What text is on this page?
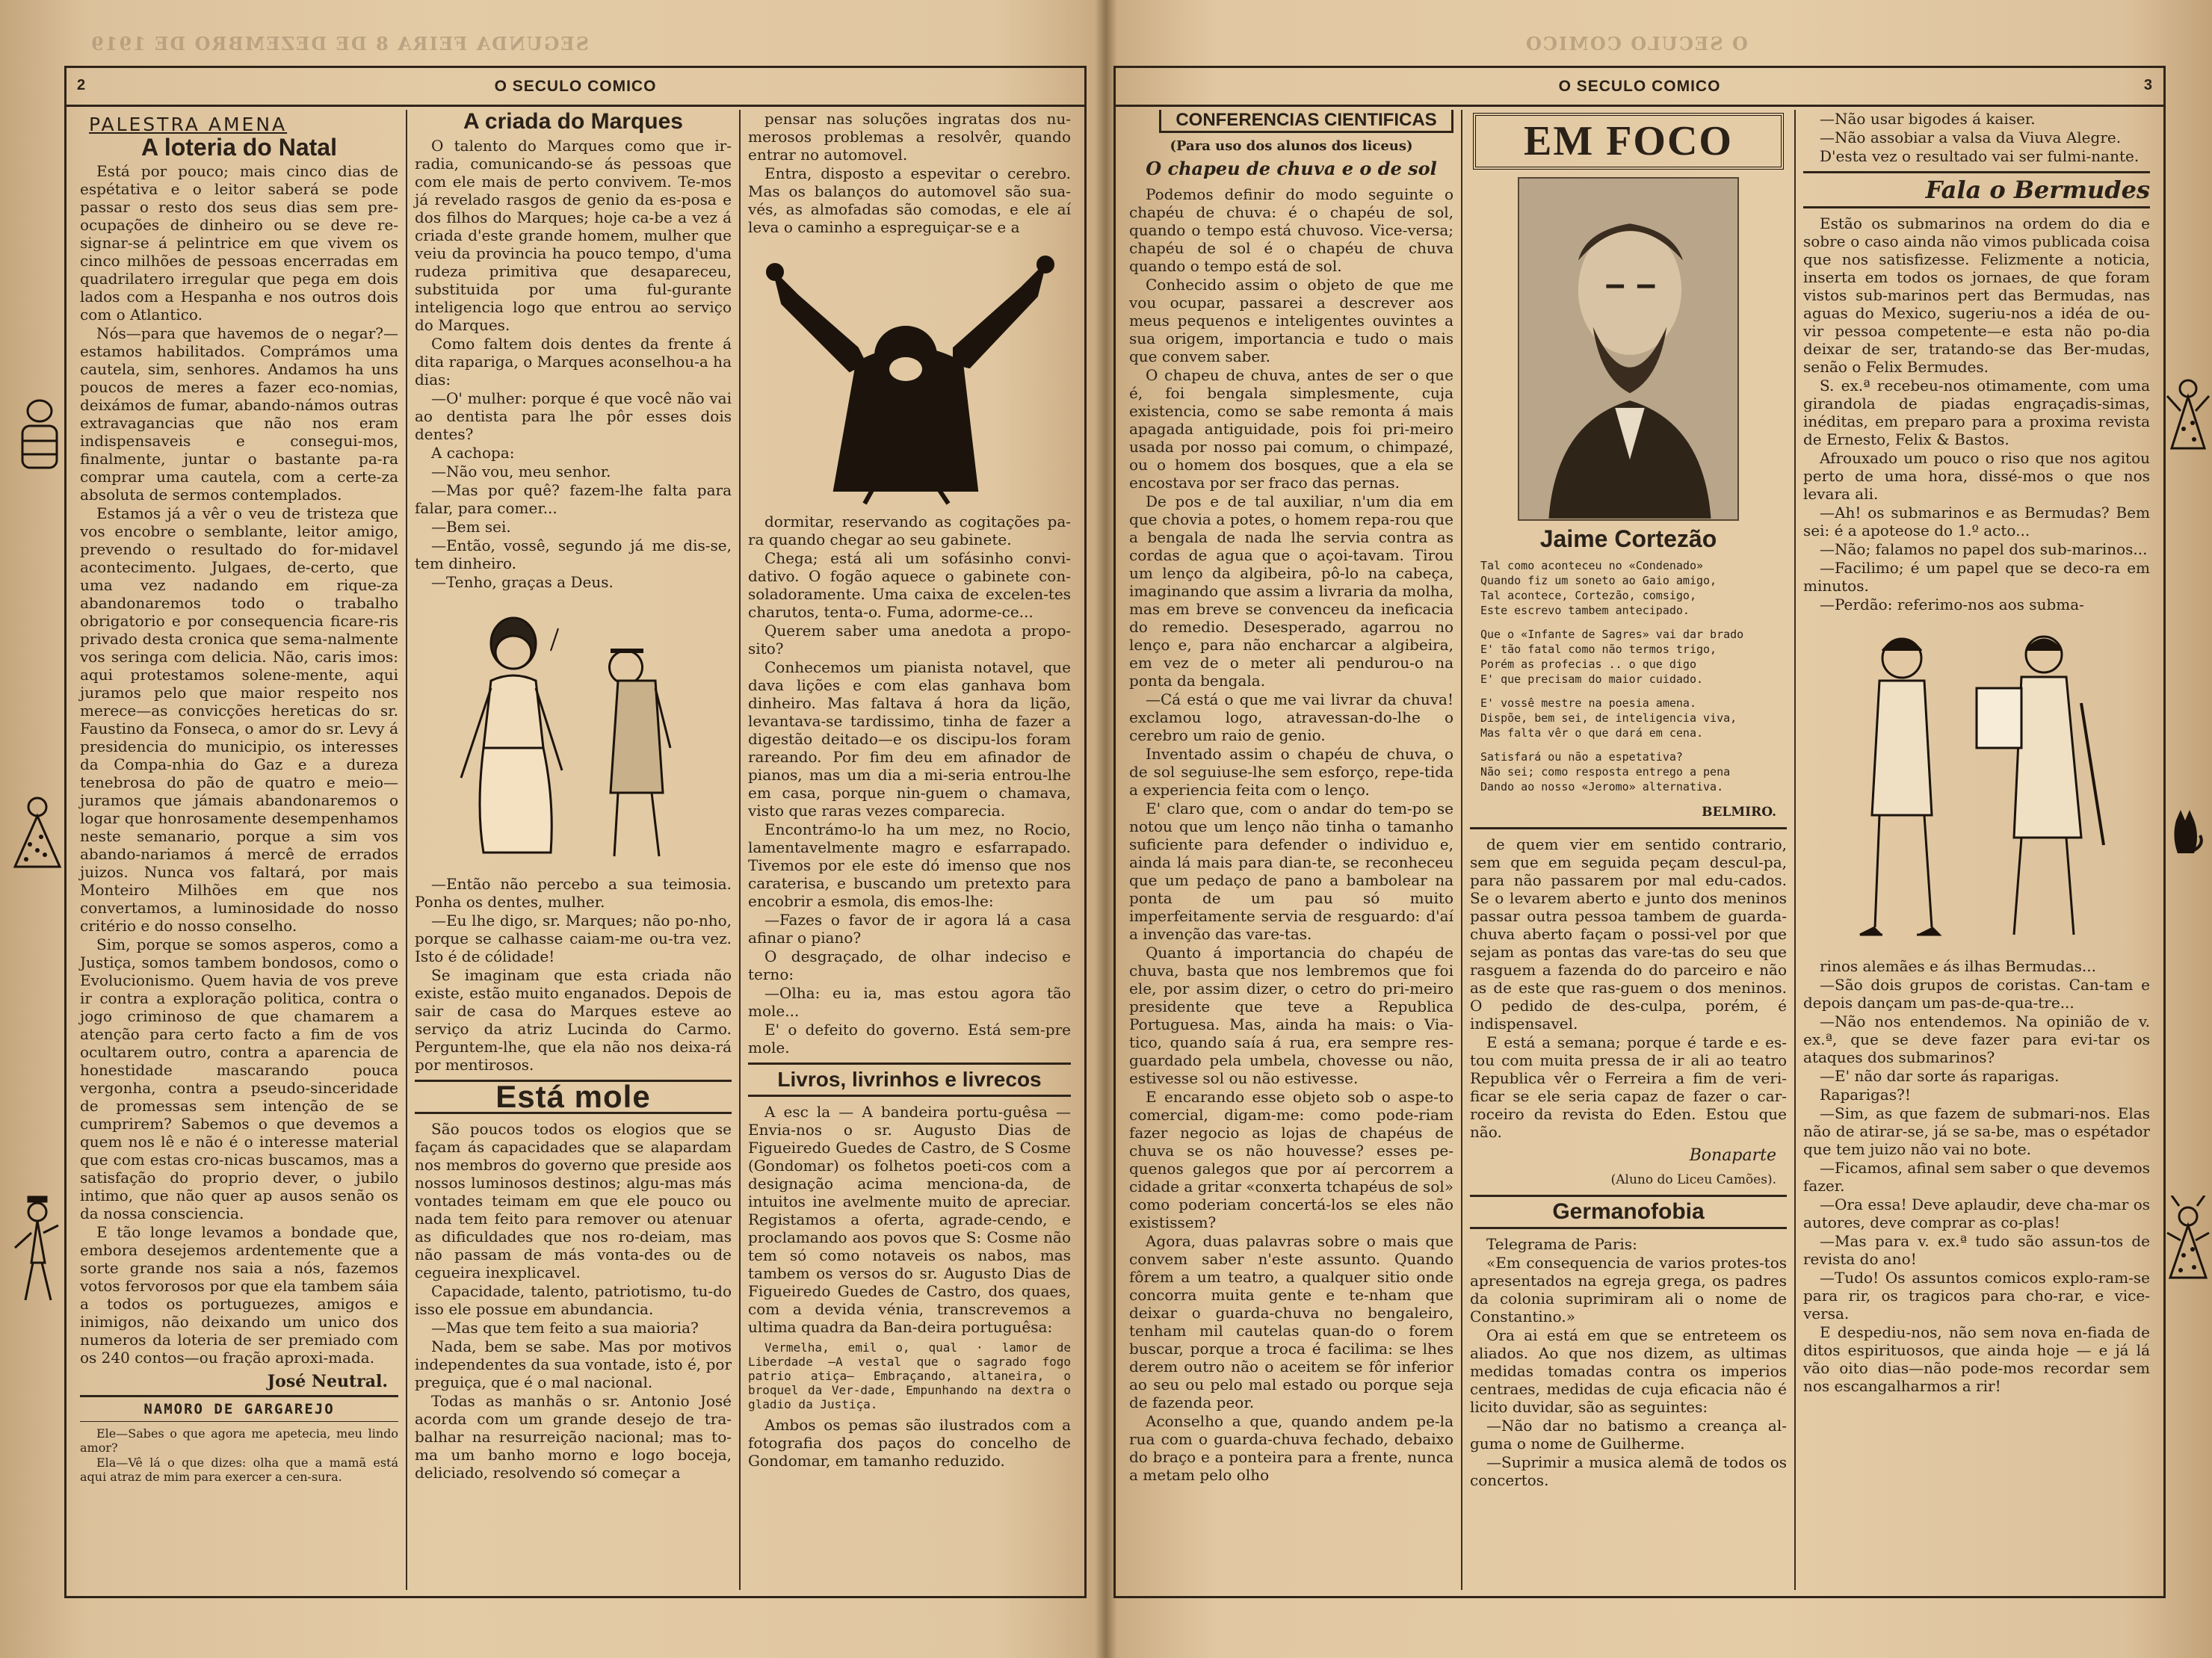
SEGUNDA FEIRA 8 DE DEZEMBRO DE 1919
2	O SECULO COMICO
PALESTRA AMENA
A loteria do Natal

Está por pouco; mais cinco dias de espétativa e o leitor saberá se pode passar o resto dos seus dias sem pre-ocupações de dinheiro ou se deve re-signar-se á pelintrice em que vivem os cinco milhões de pessoas encerradas em quadrilatero irregular que pega em dois lados com a Hespanha e nos outros dois com o Atlantico.

Nós—para que havemos de o negar?—estamos habilitados. Comprámos uma cautela, sim, senhores. Andamos ha uns poucos de meres a fazer eco-nomias, deixámos de fumar, abando-námos outras extravagancias que não nos eram indispensaveis e consegui-mos, finalmente, juntar o bastante pa-ra comprar uma cautela, com a certe-za absoluta de sermos contemplados.

Estamos já a vêr o veu de tristeza que vos encobre o semblante, leitor amigo, prevendo o resultado do for-midavel acontecimento. Julgaes, de-certo, que uma vez nadando em rique-za abandonaremos todo o trabalho obrigatorio e por consequencia ficare-ris privado desta cronica que sema-nalmente vos seringa com delicia. Não, caris imos: aqui protestamos solene-mente, aqui juramos pelo que maior respeito nos merece—as convicções hereticas do sr. Faustino da Fonseca, o amor do sr. Levy á presidencia do municipio, os interesses da Compa-nhia do Gaz e a dureza tenebrosa do pão de quatro e meio—juramos que jámais abandonaremos o logar que honrosamente desempenhamos neste semanario, porque a sim vos abando-nariamos á mercê de errados juizos. Nunca vos faltará, por mais Monteiro Milhões em que nos convertamos, a luminosidade do nosso critério e do nosso conselho.

Sim, porque se somos asperos, como a Justiça, somos tambem bondosos, como o Evolucionismo. Quem havia de vos preve ir contra a exploração politica, contra o jogo criminoso de que chamarem a atenção para certo facto a fim de vos ocultarem outro, contra a aparencia de honestidade mascarando pouca vergonha, contra a pseudo-sinceridade de promessas sem intenção de se cumprirem? Sabemos o que devemos a quem nos lê e não é o interesse material que com estas cro-nicas buscamos, mas a satisfação do proprio dever, o jubilo intimo, que não quer ap ausos senão os da nossa consciencia.

E tão longe levamos a bondade que, embora desejemos ardentemente que a sorte grande nos saia a nós, fazemos votos fervorosos por que ela tambem sáia a todos os portuguezes, amigos e inimigos, não deixando um unico dos numeros da loteria de ser premiado com os 240 contos—ou fração aproxi-mada.

José Neutral.
NAMORO DE GARGAREJO

Ele—Sabes o que agora me apetecia, meu lindo amor?

Ela—Vê lá o que dizes: olha que a mamã está aqui atraz de mim para exercer a cen-sura.

A criada do Marques

O talento do Marques como que ir-radia, comunicando-se ás pessoas que com ele mais de perto convivem. Te-mos já revelado rasgos de genio da es-posa e dos filhos do Marques; hoje ca-be a vez á criada d'este grande homem, mulher que veiu da provincia ha pouco tempo, d'uma rudeza primitiva que desapareceu, substituida por uma ful-gurante inteligencia logo que entrou ao serviço do Marques.

Como faltem dois dentes da frente á dita rapariga, o Marques aconselhou-a ha dias:

—O' mulher: porque é que você não vai ao dentista para lhe pôr esses dois dentes?

A cachopa:

—Não vou, meu senhor.

—Mas por quê? fazem-lhe falta para falar, para comer...

—Bem sei.

—Então, vossê, segundo já me dis-se, tem dinheiro.

—Tenho, graças a Deus.

—Então não percebo a sua teimosia. Ponha os dentes, mulher.

—Eu lhe digo, sr. Marques; não po-nho, porque se calhasse caiam-me ou-tra vez. Isto é de cólidade!

Se imaginam que esta criada não existe, estão muito enganados. Depois de sair de casa do Marques esteve ao serviço da atriz Lucinda do Carmo. Perguntem-lhe, que ela não nos deixa-rá por mentirosos.

Está mole

São poucos todos os elogios que se façam ás capacidades que se alapardam nos membros do governo que preside aos nossos luminosos destinos; algu-mas más vontades teimam em que ele pouco ou nada tem feito para remover ou atenuar as dificuldades que nos ro-deiam, mas não passam de más vonta-des ou de cegueira inexplicavel.

Capacidade, talento, patriotismo, tu-do isso ele possue em abundancia.

—Mas que tem feito a sua maioria?

Nada, bem se sabe. Mas por motivos independentes da sua vontade, isto é, por preguiça, que é o mal nacional.

Todas as manhãs o sr. Antonio José acorda com um grande desejo de tra-balhar na resurreição nacional; mas to-ma um banho morno e logo boceja, deliciado, resolvendo só começar a

pensar nas soluções ingratas dos nu-merosos problemas a resolvêr, quando entrar no automovel.

Entra, disposto a espevitar o cerebro. Mas os balanços do automovel são sua-vés, as almofadas são comodas, e ele aí leva o caminho a espreguiçar-se e a

dormitar, reservando as cogitações pa-ra quando chegar ao seu gabinete.

Chega; está ali um sofásinho convi-dativo. O fogão aquece o gabinete con-soladoramente. Uma caixa de excelen-tes charutos, tenta-o. Fuma, adorme-ce...

Querem saber uma anedota a propo-sito?

Conhecemos um pianista notavel, que dava lições e com elas ganhava bom dinheiro. Mas faltava á hora da lição, levantava-se tardissimo, tinha de fazer a digestão deitado—e os discipu-los foram rareando. Por fim deu em afinador de pianos, mas um dia a mi-seria entrou-lhe em casa, porque nin-guem o chamava, visto que raras vezes comparecia.

Encontrámo-lo ha um mez, no Rocio, lamentavelmente magro e esfarrapado. Tivemos por ele este dó imenso que nos caraterisa, e buscando um pretexto para encobrir a esmola, dis emos-lhe:

—Fazes o favor de ir agora lá a casa afinar o piano?

O desgraçado, de olhar indeciso e terno:

—Olha: eu ia, mas estou agora tão mole...

E' o defeito do governo. Está sem-pre mole.

Livros, livrinhos e livrecos

A esc la — A bandeira portu-guêsa — Envia-nos o sr. Augusto Dias de Figueiredo Guedes de Castro, de S Cosme (Gondomar) os folhetos poeti-cos com a designação acima menciona-da, de intuitos ine avelmente muito de apreciar. Registamos a oferta, agrade-cendo, e proclamando aos povos que S: Cosme não tem só como notaveis os nabos, mas tambem os versos do sr. Augusto Dias de Figueiredo Guedes de Castro, dos quaes, com a devida vénia, transcrevemos a ultima quadra da Ban-deira portuguêsa:

Vermelha, emil o, qual · lamor de Liberdade —A vestal que o sagrado fogo patrio atiça— Embraçando, altaneira, o broquel da Ver-dade, Empunhando na dextra o gladio da Justiça.

Ambos os pemas são ilustrados com a fotografia dos paços do concelho de Gondomar, em tamanho reduzido.

O SECULO COMICO
O SECULO COMICO	3
CONFERENCIAS CIENTIFICAS
(Para uso dos alunos dos liceus)
O chapeu de chuva e o de sol

Podemos definir do modo seguinte o chapéu de chuva: é o chapéu de sol, quando o tempo está chuvoso. Vice-versa; chapéu de sol é o chapéu de chuva quando o tempo está de sol.

Conhecido assim o objeto de que me vou ocupar, passarei a descrever aos meus pequenos e inteligentes ouvintes a sua origem, importancia e tudo o mais que convem saber.

O chapeu de chuva, antes de ser o que é, foi bengala simplesmente, cuja existencia, como se sabe remonta á mais apagada antiguidade, pois foi pri-meiro usada por nosso pai comum, o chimpazé, ou o homem dos bosques, que a ela se encostava por ser fraco das pernas.

De pos e de tal auxiliar, n'um dia em que chovia a potes, o homem repa-rou que a bengala de nada lhe servia contra as cordas de agua que o açoi-tavam. Tirou um lenço da algibeira, pô-lo na cabeça, imaginando que assim a livraria da molha, mas em breve se convenceu da ineficacia do remedio. Desesperado, agarrou no lenço e, para não encharcar a algibeira, em vez de o meter ali pendurou-o na ponta da bengala.

—Cá está o que me vai livrar da chuva! exclamou logo, atravessan-do-lhe o cerebro um raio de genio.

Inventado assim o chapéu de chuva, o de sol seguiuse-lhe sem esforço, repe-tida a experiencia feita com o lenço.

E' claro que, com o andar do tem-po se notou que um lenço não tinha o tamanho suficiente para defender o individuo e, ainda lá mais para dian-te, se reconheceu que um pedaço de pano a bambolear na ponta de um pau só muito imperfeitamente servia de resguardo: d'aí a invenção das vare-tas.

Quanto á importancia do chapéu de chuva, basta que nos lembremos que foi ele, por assim dizer, o cetro do pri-meiro presidente que teve a Republica Portuguesa. Mas, ainda ha mais: o Via-tico, quando saía á rua, era sempre res-guardado pela umbela, chovesse ou não, estivesse sol ou não estivesse.

E encarando esse objeto sob o aspe-to comercial, digam-me: como pode-riam fazer negocio as lojas de chapéus de chuva se os não houvesse? esses pe-quenos galegos que por aí percorrem a cidade a gritar «conxerta tchapéus de sol» como poderiam concertá-los se eles não existissem?

Agora, duas palavras sobre o mais que convem saber n'este assunto. Quando fôrem a um teatro, a qualquer sitio onde concorra muita gente e te-nham que deixar o guarda-chuva no bengaleiro, tenham mil cautelas quan-do o forem buscar, porque a troca é facilima: se lhes derem outro não o aceitem se fôr inferior ao seu ou pelo mal estado ou porque seja de fazenda peor.

Aconselho a que, quando andem pe-la rua com o guarda-chuva fechado, debaixo do braço e a ponteira para a frente, nunca a metam pelo olho

EM FOCO
Jaime Cortezão
Tal como aconteceu no «Condenado»
Quando fiz um soneto ao Gaio amigo,
Tal acontece, Cortezão, comsigo,
Este escrevo tambem antecipado.
Que o «Infante de Sagres» vai dar brado
E' tão fatal como não termos trigo,
Porém as profecias .. o que digo
E' que precisam do maior cuidado.
E' vossê mestre na poesia amena.
Dispõe, bem sei, de inteligencia viva,
Mas falta vêr o que dará em cena.
Satisfará ou não a espetativa?
Não sei; como resposta entrego a pena
Dando ao nosso «Jeromo» alternativa.
BELMIRO.

de quem vier em sentido contrario, sem que em seguida peçam descul-pa, para não passarem por mal edu-cados. Se o levarem aberto e junto dos meninos passar outra pessoa tambem de guarda-chuva aberto façam o possi-vel por que sejam as pontas das vare-tas do seu que rasguem a fazenda do do parceiro e não as de este que ras-guem o dos meninos. O pedido de des-culpa, porém, é indispensavel.

E está a semana; porque é tarde e es-tou com muita pressa de ir ali ao teatro Republica vêr o Ferreira a fim de veri-ficar se ele seria capaz de fazer o car-roceiro da revista do Eden. Estou que não.

Bonaparte
(Aluno do Liceu Camões).
Germanofobia

Telegrama de Paris:

«Em consequencia de varios protes-tos apresentados na egreja grega, os padres da colonia suprimiram ali o nome de Constantino.»

Ora ai está em que se entreteem os aliados. Ao que nos dizem, as ultimas medidas tomadas contra os imperios centraes, medidas de cuja eficacia não é licito duvidar, são as seguintes:

—Não dar no batismo a creança al-guma o nome de Guilherme.

—Suprimir a musica alemã de todos os concertos.

—Não usar bigodes á kaiser.

—Não assobiar a valsa da Viuva Alegre.

D'esta vez o resultado vai ser fulmi-nante.

Fala o Bermudes

Estão os submarinos na ordem do dia e sobre o caso ainda não vimos publicada coisa que nos satisfizesse. Felizmente a noticia, inserta em todos os jornaes, de que foram vistos sub-marinos pert das Bermudas, nas aguas do Mexico, sugeriu-nos a idéa de ou-vir pessoa competente—e esta não po-dia deixar de ser, tratando-se das Ber-mudas, senão o Felix Bermudes.

S. ex.ª recebeu-nos otimamente, com uma girandola de piadas engraçadis-simas, inéditas, em preparo para a proxima revista de Ernesto, Felix & Bastos.

Afrouxado um pouco o riso que nos agitou perto de uma hora, dissé-mos o que nos levara ali.

—Ah! os submarinos e as Bermudas? Bem sei: é a apoteose do 1.º acto...

—Não; falamos no papel dos sub-marinos...

—Facilimo; é um papel que se deco-ra em minutos.

—Perdão: referimo-nos aos subma-

rinos alemães e ás ilhas Bermudas...

—São dois grupos de coristas. Can-tam e depois dançam um pas-de-qua-tre...

—Não nos entendemos. Na opinião de v. ex.ª, que se deve fazer para evi-tar os ataques dos submarinos?

—E' não dar sorte ás raparigas.

Raparigas?!

—Sim, as que fazem de submari-nos. Elas não de atirar-se, já se sa-be, mas o espétador que tem juizo não vai no bote.

—Ficamos, afinal sem saber o que devemos fazer.

—Ora essa! Deve aplaudir, deve cha-mar os autores, deve comprar as co-plas!

—Mas para v. ex.ª tudo são assun-tos de revista do ano!

—Tudo! Os assuntos comicos explo-ram-se para rir, os tragicos para cho-rar, e vice-versa.

E despediu-nos, não sem nova en-fiada de ditos espirituosos, que ainda hoje — e já lá vão oito dias—não pode-mos recordar sem nos escangalharmos a rir!
